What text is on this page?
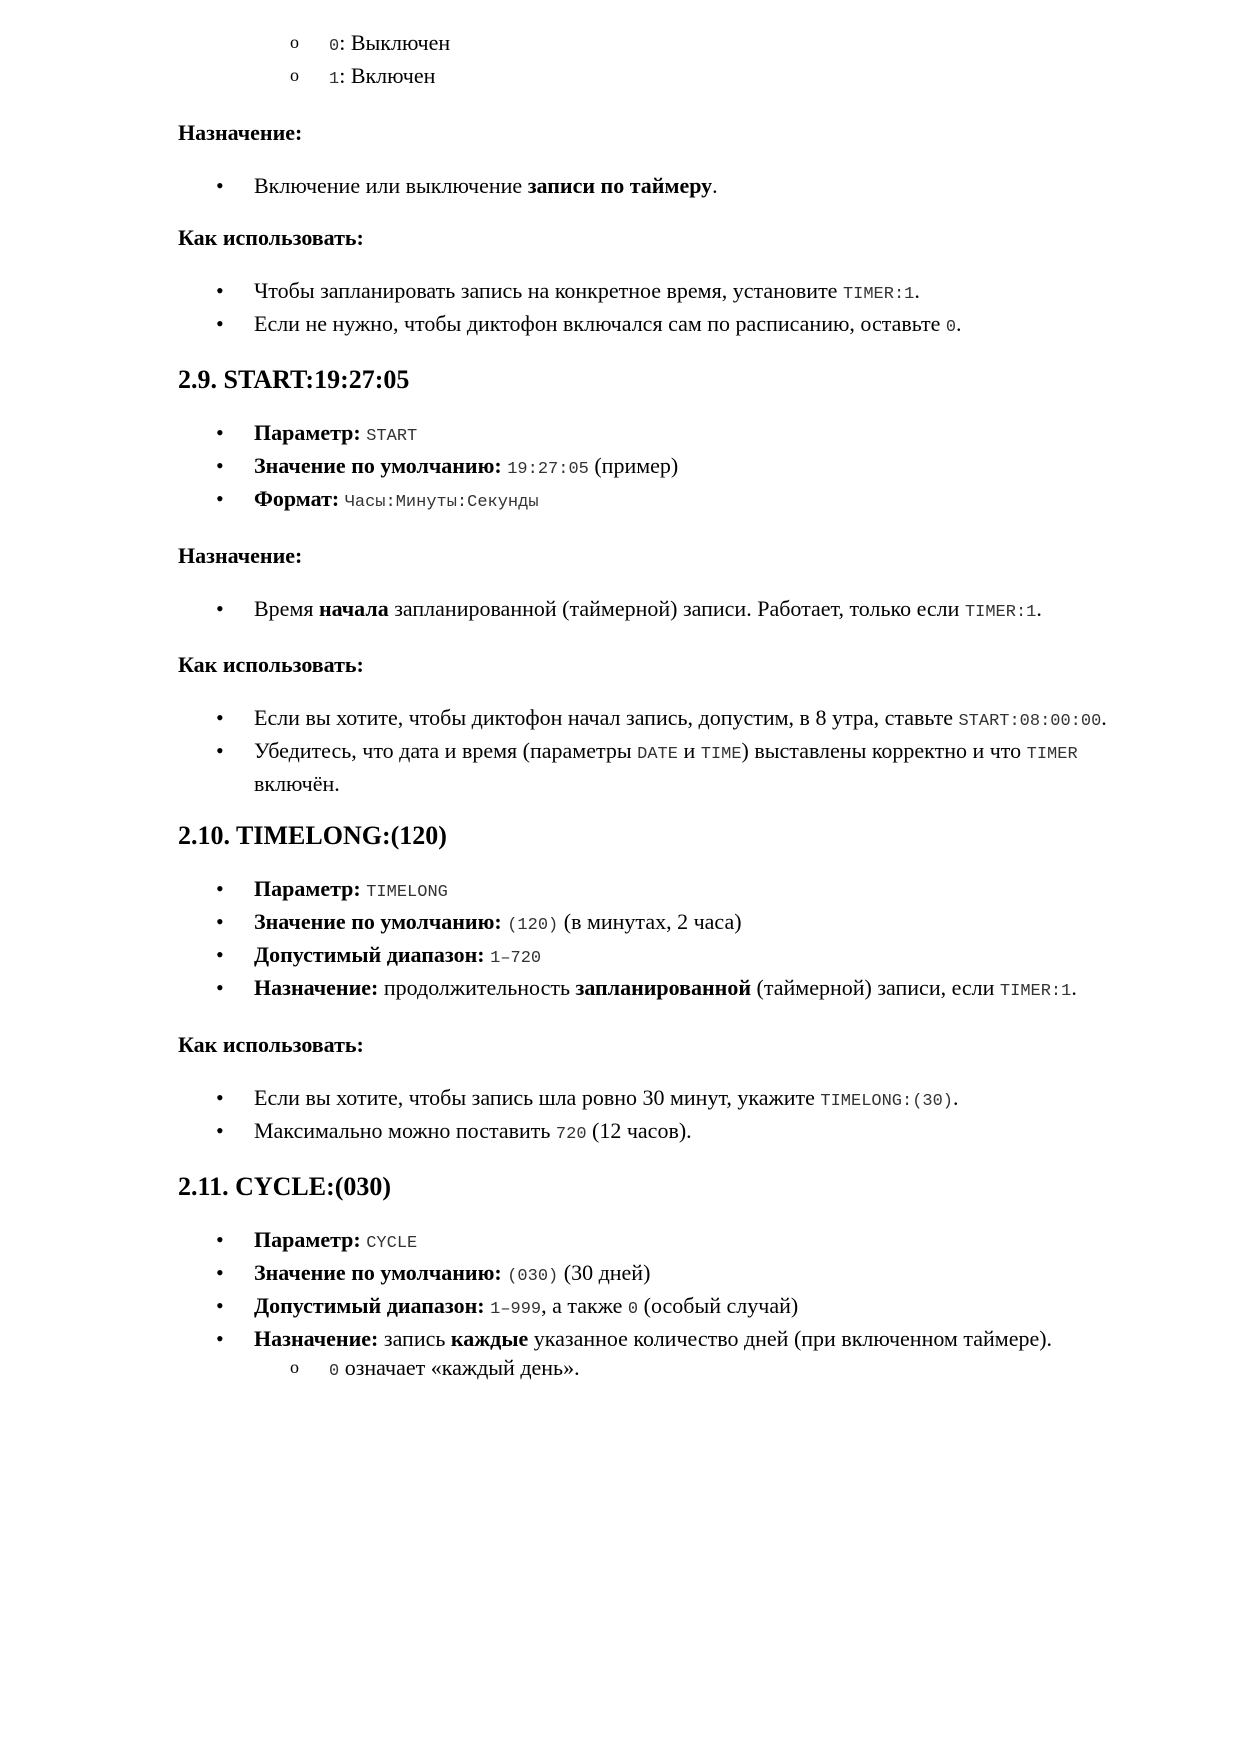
o 0: Выключен
o 1: Включен

Назначение:

• Включение или выключение записи по таймеру.

Как использовать:

• Чтобы запланировать запись на конкретное время, установите TIMER:1.
• Если не нужно, чтобы диктофон включался сам по расписанию, оставьте 0.
2.9. START:19:27:05
• Параметр: START
• Значение по умолчанию: 19:27:05 (пример)
• Формат: Часы:Минуты:Секунды

Назначение:

• Время начала запланированной (таймерной) записи. Работает, только если TIMER:1.

Как использовать:

• Если вы хотите, чтобы диктофон начал запись, допустим, в 8 утра, ставьте START:08:00:00.
• Убедитесь, что дата и время (параметры DATE и TIME) выставлены корректно и что TIMER включён.
2.10. TIMELONG:(120)
• Параметр: TIMELONG
• Значение по умолчанию: (120) (в минутах, 2 часа)
• Допустимый диапазон: 1–720
• Назначение: продолжительность запланированной (таймерной) записи, если TIMER:1.

Как использовать:

• Если вы хотите, чтобы запись шла ровно 30 минут, укажите TIMELONG:(30).
• Максимально можно поставить 720 (12 часов).
2.11. CYCLE:(030)
• Параметр: CYCLE
• Значение по умолчанию: (030) (30 дней)
• Допустимый диапазон: 1–999, а также 0 (особый случай)
• Назначение: запись каждые указанное количество дней (при включенном таймере).
o 0 означает «каждый день».
